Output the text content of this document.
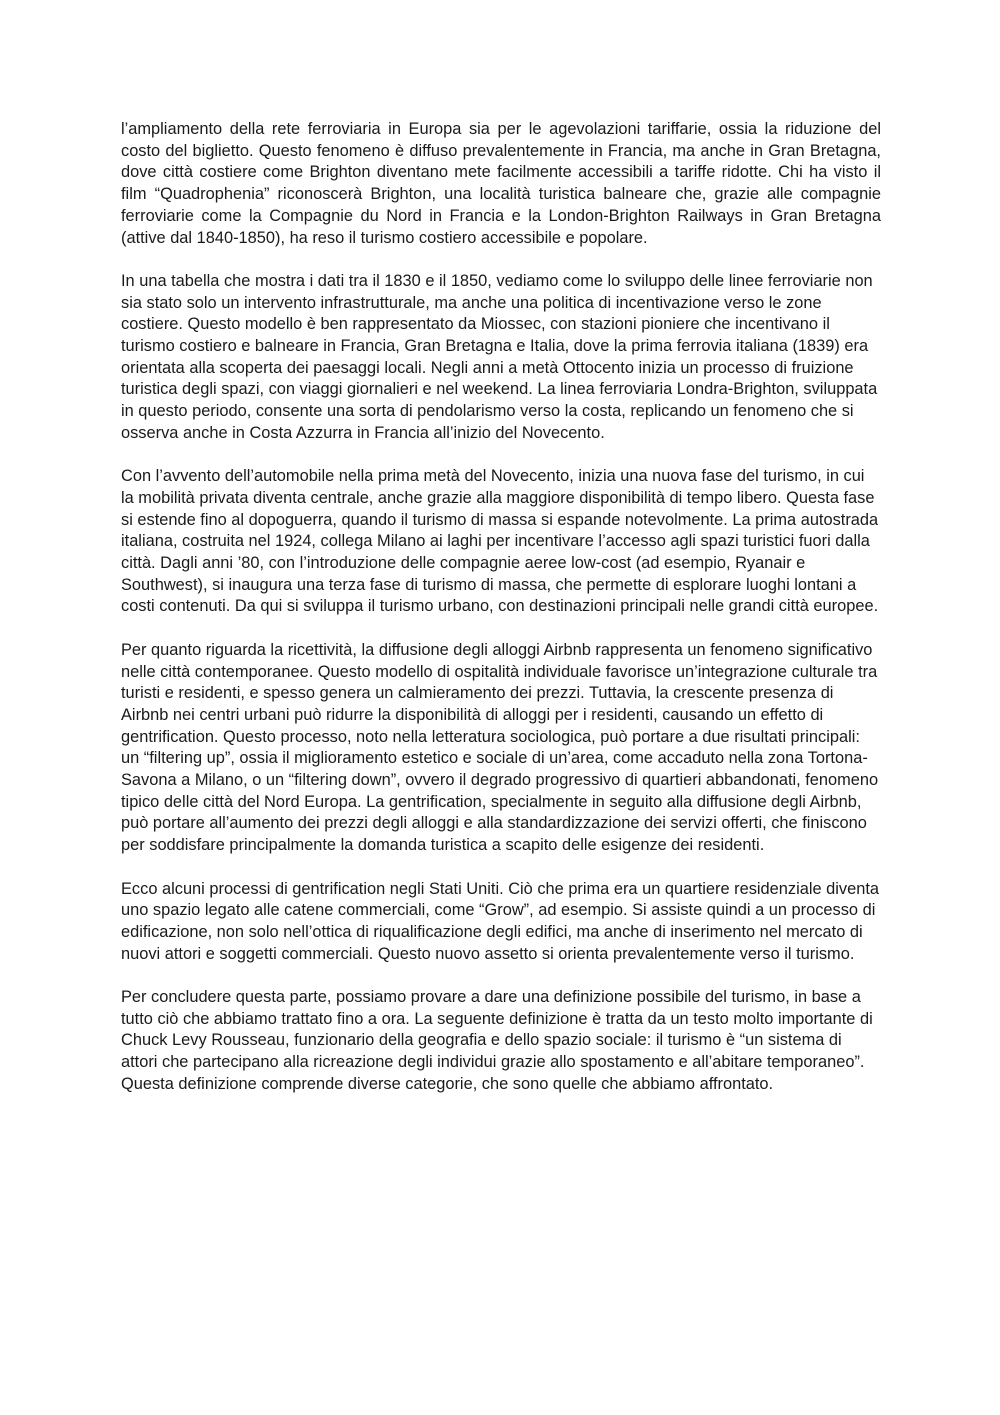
l’ampliamento della rete ferroviaria in Europa sia per le agevolazioni tariffarie, ossia la riduzione del costo del biglietto. Questo fenomeno è diffuso prevalentemente in Francia, ma anche in Gran Bretagna, dove città costiere come Brighton diventano mete facilmente accessibili a tariffe ridotte. Chi ha visto il film “Quadrophenia” riconoscerà Brighton, una località turistica balneare che, grazie alle compagnie ferroviarie come la Compagnie du Nord in Francia e la London-Brighton Railways in Gran Bretagna (attive dal 1840-1850), ha reso il turismo costiero accessibile e popolare.

In una tabella che mostra i dati tra il 1830 e il 1850, vediamo come lo sviluppo delle linee ferroviarie non sia stato solo un intervento infrastrutturale, ma anche una politica di incentivazione verso le zone costiere. Questo modello è ben rappresentato da Miossec, con stazioni pioniere che incentivano il turismo costiero e balneare in Francia, Gran Bretagna e Italia, dove la prima ferrovia italiana (1839) era orientata alla scoperta dei paesaggi locali. Negli anni a metà Ottocento inizia un processo di fruizione turistica degli spazi, con viaggi giornalieri e nel weekend. La linea ferroviaria Londra-Brighton, sviluppata in questo periodo, consente una sorta di pendolarismo verso la costa, replicando un fenomeno che si osserva anche in Costa Azzurra in Francia all’inizio del Novecento.

Con l’avvento dell’automobile nella prima metà del Novecento, inizia una nuova fase del turismo, in cui la mobilità privata diventa centrale, anche grazie alla maggiore disponibilità di tempo libero. Questa fase si estende fino al dopoguerra, quando il turismo di massa si espande notevolmente. La prima autostrada italiana, costruita nel 1924, collega Milano ai laghi per incentivare l’accesso agli spazi turistici fuori dalla città. Dagli anni ’80, con l’introduzione delle compagnie aeree low-cost (ad esempio, Ryanair e Southwest), si inaugura una terza fase di turismo di massa, che permette di esplorare luoghi lontani a costi contenuti. Da qui si sviluppa il turismo urbano, con destinazioni principali nelle grandi città europee.

Per quanto riguarda la ricettività, la diffusione degli alloggi Airbnb rappresenta un fenomeno significativo nelle città contemporanee. Questo modello di ospitalità individuale favorisce un’integrazione culturale tra turisti e residenti, e spesso genera un calmieramento dei prezzi. Tuttavia, la crescente presenza di Airbnb nei centri urbani può ridurre la disponibilità di alloggi per i residenti, causando un effetto di gentrification. Questo processo, noto nella letteratura sociologica, può portare a due risultati principali: un “filtering up”, ossia il miglioramento estetico e sociale di un’area, come accaduto nella zona Tortona-Savona a Milano, o un “filtering down”, ovvero il degrado progressivo di quartieri abbandonati, fenomeno tipico delle città del Nord Europa. La gentrification, specialmente in seguito alla diffusione degli Airbnb, può portare all’aumento dei prezzi degli alloggi e alla standardizzazione dei servizi offerti, che finiscono per soddisfare principalmente la domanda turistica a scapito delle esigenze dei residenti.

Ecco alcuni processi di gentrification negli Stati Uniti. Ciò che prima era un quartiere residenziale diventa uno spazio legato alle catene commerciali, come “Grow”, ad esempio. Si assiste quindi a un processo di edificazione, non solo nell’ottica di riqualificazione degli edifici, ma anche di inserimento nel mercato di nuovi attori e soggetti commerciali. Questo nuovo assetto si orienta prevalentemente verso il turismo.

Per concludere questa parte, possiamo provare a dare una definizione possibile del turismo, in base a tutto ciò che abbiamo trattato fino a ora. La seguente definizione è tratta da un testo molto importante di Chuck Levy Rousseau, funzionario della geografia e dello spazio sociale: il turismo è “un sistema di attori che partecipano alla ricreazione degli individui grazie allo spostamento e all’abitare temporaneo”. Questa definizione comprende diverse categorie, che sono quelle che abbiamo affrontato.
